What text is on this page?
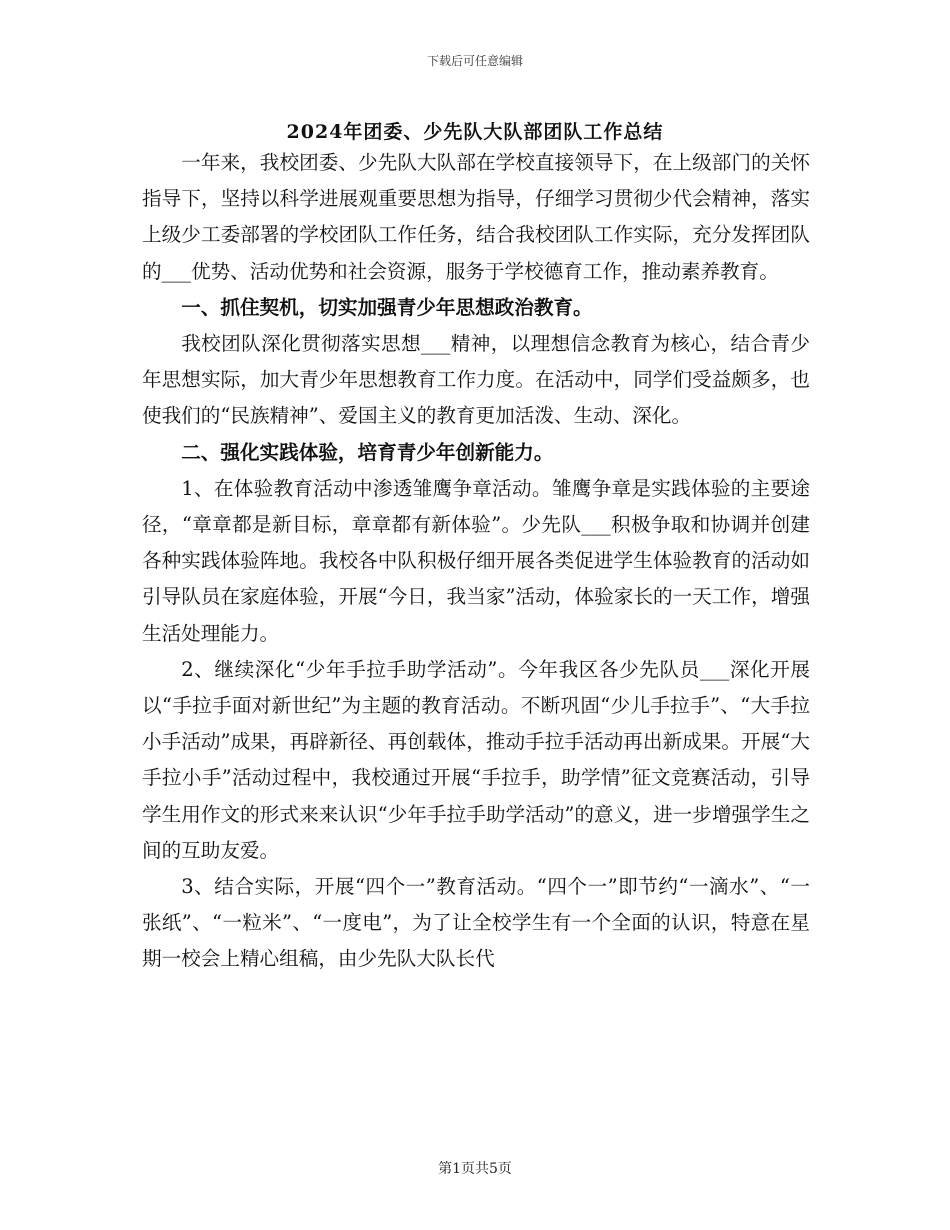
下载后可任意编辑
2024年团委、少先队大队部团队工作总结

一年来，我校团委、少先队大队部在学校直接领导下，在上级部门的关怀指导下，坚持以科学进展观重要思想为指导，仔细学习贯彻少代会精神，落实上级少工委部署的学校团队工作任务，结合我校团队工作实际，充分发挥团队的___优势、活动优势和社会资源，服务于学校德育工作，推动素养教育。

一、抓住契机，切实加强青少年思想政治教育。

我校团队深化贯彻落实思想___精神，以理想信念教育为核心，结合青少年思想实际，加大青少年思想教育工作力度。在活动中，同学们受益颇多，也使我们的“民族精神”、爱国主义的教育更加活泼、生动、深化。

二、强化实践体验，培育青少年创新能力。

1、在体验教育活动中渗透雏鹰争章活动。雏鹰争章是实践体验的主要途径，“章章都是新目标，章章都有新体验”。少先队___积极争取和协调并创建各种实践体验阵地。我校各中队积极仔细开展各类促进学生体验教育的活动如引导队员在家庭体验，开展“今日，我当家”活动，体验家长的一天工作，增强生活处理能力。

2、继续深化“少年手拉手助学活动”。今年我区各少先队员___深化开展以“手拉手面对新世纪”为主题的教育活动。不断巩固“少儿手拉手”、“大手拉小手活动”成果，再辟新径、再创载体，推动手拉手活动再出新成果。开展“大手拉小手”活动过程中，我校通过开展“手拉手，助学情”征文竞赛活动，引导学生用作文的形式来来认识“少年手拉手助学活动”的意义，进一步增强学生之间的互助友爱。

3、结合实际，开展“四个一”教育活动。“四个一”即节约“一滴水”、“一张纸”、“一粒米”、“一度电”，为了让全校学生有一个全面的认识，特意在星期一校会上精心组稿，由少先队大队长代

第1页共5页
